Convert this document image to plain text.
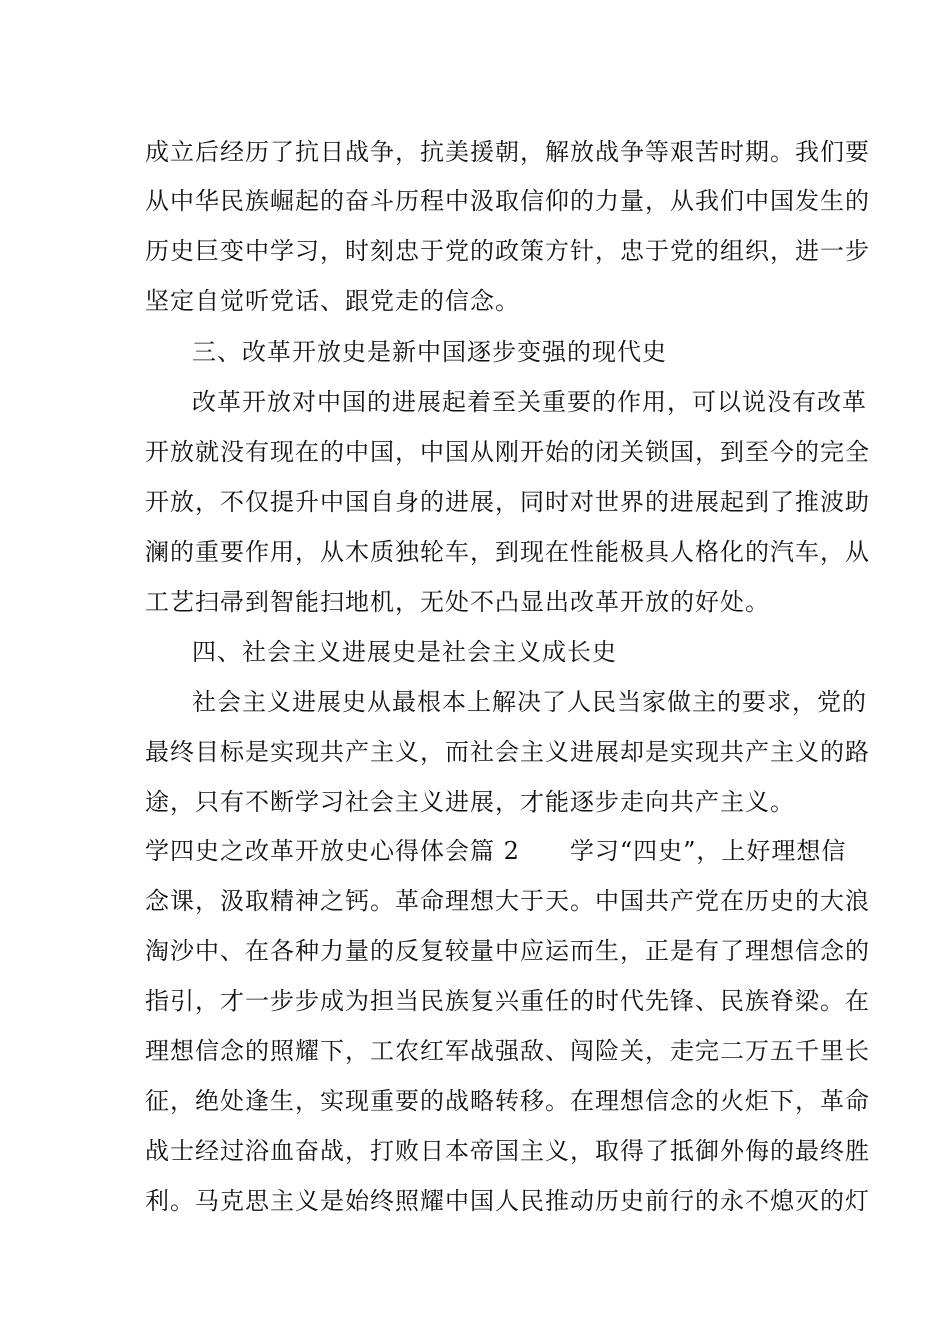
成立后经历了抗日战争，抗美援朝，解放战争等艰苦时期。我们要
从中华民族崛起的奋斗历程中汲取信仰的力量，从我们中国发生的
历史巨变中学习，时刻忠于党的政策方针，忠于党的组织，进一步
坚定自觉听党话、跟党走的信念。
三、改革开放史是新中国逐步变强的现代史
改革开放对中国的进展起着至关重要的作用，可以说没有改革
开放就没有现在的中国，中国从刚开始的闭关锁国，到至今的完全
开放，不仅提升中国自身的进展，同时对世界的进展起到了推波助
澜的重要作用，从木质独轮车，到现在性能极具人格化的汽车，从
工艺扫帚到智能扫地机，无处不凸显出改革开放的好处。
四、社会主义进展史是社会主义成长史
社会主义进展史从最根本上解决了人民当家做主的要求，党的
最终目标是实现共产主义，而社会主义进展却是实现共产主义的路
途，只有不断学习社会主义进展，才能逐步走向共产主义。
学四史之改革开放史心得体会篇 2　　学习“四史”，上好理想信
念课，汲取精神之钙。革命理想大于天。中国共产党在历史的大浪
淘沙中、在各种力量的反复较量中应运而生，正是有了理想信念的
指引，才一步步成为担当民族复兴重任的时代先锋、民族脊梁。在
理想信念的照耀下，工农红军战强敌、闯险关，走完二万五千里长
征，绝处逢生，实现重要的战略转移。在理想信念的火炬下，革命
战士经过浴血奋战，打败日本帝国主义，取得了抵御外侮的最终胜
利。马克思主义是始终照耀中国人民推动历史前行的永不熄灭的灯
